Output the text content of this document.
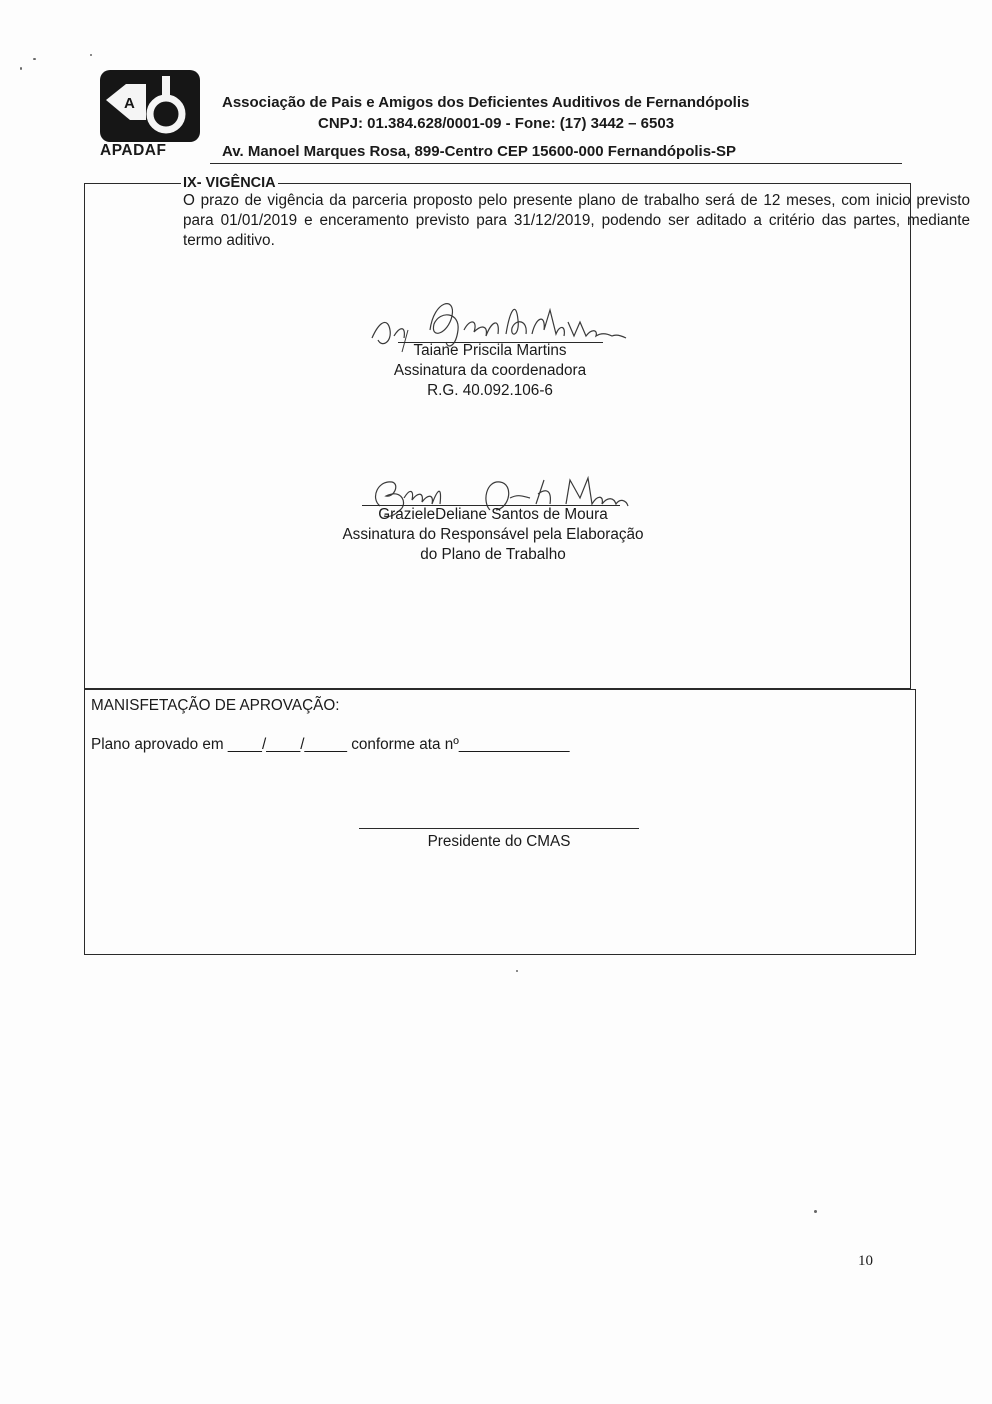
A
APADAF
Associação de Pais e Amigos dos Deficientes Auditivos de Fernandópolis
CNPJ: 01.384.628/0001-09 - Fone: (17) 3442 – 6503
Av. Manoel Marques Rosa, 899-Centro CEP 15600-000 Fernandópolis-SP
IX- VIGÊNCIA
O prazo de vigência da parceria proposto pelo presente plano de trabalho será de 12 meses, com inicio previsto para 01/01/2019 e enceramento previsto para 31/12/2019, podendo ser aditado a critério das partes, mediante termo aditivo.
Taiane Priscila Martins
Assinatura da coordenadora
R.G. 40.092.106-6
GrazieleDeliane Santos de Moura
Assinatura do Responsável pela Elaboração
do Plano de Trabalho
MANISFETAÇÃO DE APROVAÇÃO:
Plano aprovado em ____/____/_____ conforme ata nº_____________
Presidente do CMAS
10
